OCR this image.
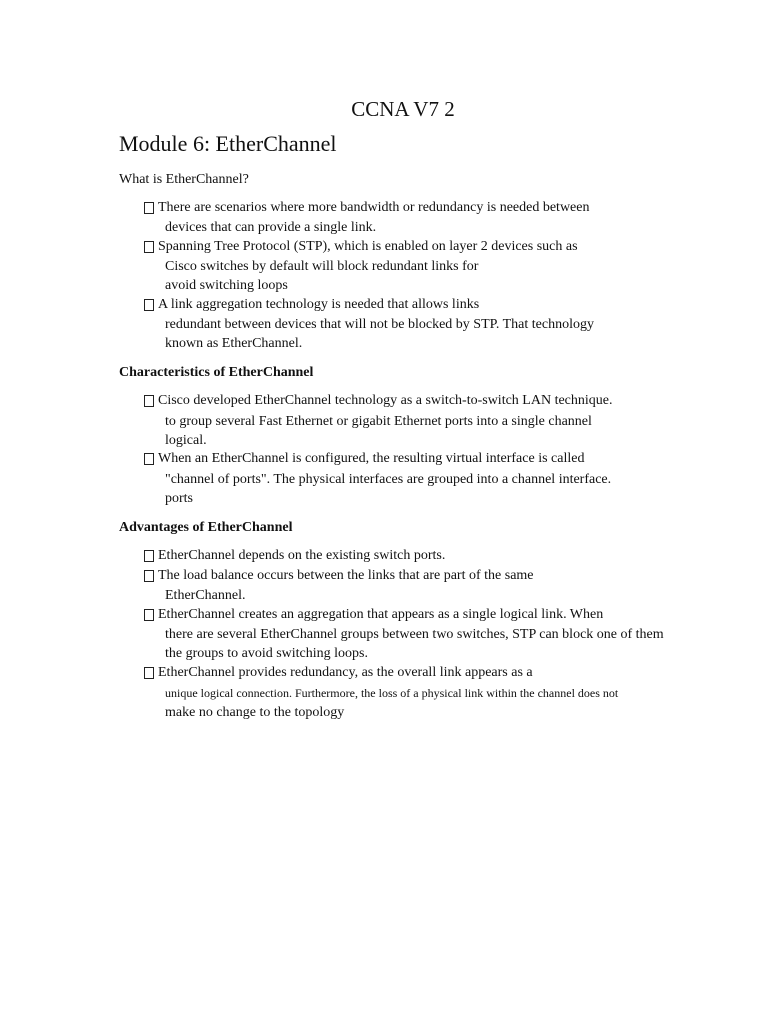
CCNA V7 2
Module 6: EtherChannel
What is EtherChannel?
There are scenarios where more bandwidth or redundancy is needed between
devices that can provide a single link.
Spanning Tree Protocol (STP), which is enabled on layer 2 devices such as
Cisco switches by default will block redundant links for
avoid switching loops
A link aggregation technology is needed that allows links
redundant between devices that will not be blocked by STP. That technology
known as EtherChannel.
Characteristics of EtherChannel
Cisco developed EtherChannel technology as a switch-to-switch LAN technique.
to group several Fast Ethernet or gigabit Ethernet ports into a single channel
logical.
When an EtherChannel is configured, the resulting virtual interface is called
"channel of ports". The physical interfaces are grouped into a channel interface.
ports
Advantages of EtherChannel
EtherChannel depends on the existing switch ports.
The load balance occurs between the links that are part of the same
EtherChannel.
EtherChannel creates an aggregation that appears as a single logical link. When
there are several EtherChannel groups between two switches, STP can block one of them
the groups to avoid switching loops.
EtherChannel provides redundancy, as the overall link appears as a
unique logical connection. Furthermore, the loss of a physical link within the channel does not
make no change to the topology
